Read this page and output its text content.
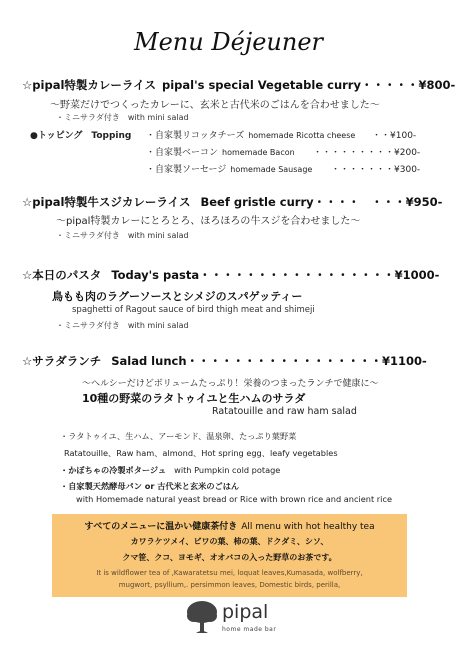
Menu Déjeuner
☆pipal特製カレーライス pipal's special Vegetable curry・・・・・¥800-
〜野菜だけでつくったカレーに、玄米と古代米のごはんを合わせました〜
・ミニサラダ付き　with mini salad
●トッピング　Topping ・自家製リコッタチーズ homemade Ricotta cheese ・・¥100-
・自家製ベーコン homemade Bacon ・・・・・・・・・¥200-
・自家製ソーセージ homemade Sausage ・・・・・・・¥300-
☆pipal特製牛スジカレーライス Beef gristle curry・・・・　・・・¥950-
〜pipal特製カレーにとろとろ、ほろほろの牛スジを合わせました〜
・ミニサラダ付き　with mini salad
☆本日のパスタ Today's pasta・・・・・・・・・・・・・・・・・¥1000-
鳥もも肉のラグーソースとシメジのスパゲッティー
spaghetti of Ragout sauce of bird thigh meat and shimeji
・ミニサラダ付き　with mini salad
☆サラダランチ Salad lunch・・・・・・・・・・・・・・・・・¥1100-
〜ヘルシーだけどボリュームたっぷり！栄養のつまったランチで健康に〜
10種の野菜のラタトゥイユと生ハムのサラダ
Ratatouille and raw ham salad
・ラタトゥイユ、生ハム、アーモンド、温泉卵、たっぷり葉野菜
Ratatouille、Raw ham、almond、Hot spring egg、leafy vegetables
・かぼちゃの冷製ポタージュ with Pumpkin cold potage
・自家製天然酵母パン or 古代米と玄米のごはん
with Homemade natural yeast bread or Rice with brown rice and ancient rice
すべてのメニューに温かい健康茶付き All menu with hot healthy tea
カワラケツメイ、ビワの葉、柿の葉、ドクダミ、シソ、
クマ笹、クコ、ヨモギ、オオバコの入った野草のお茶です。
It is wildflower tea of ,Kawaratetsu mei, loquat leaves,Kumasada, wolfberry,
mugwort, psyllium,. persimmon leaves, Domestic birds, perilla,
pipal
home made bar
